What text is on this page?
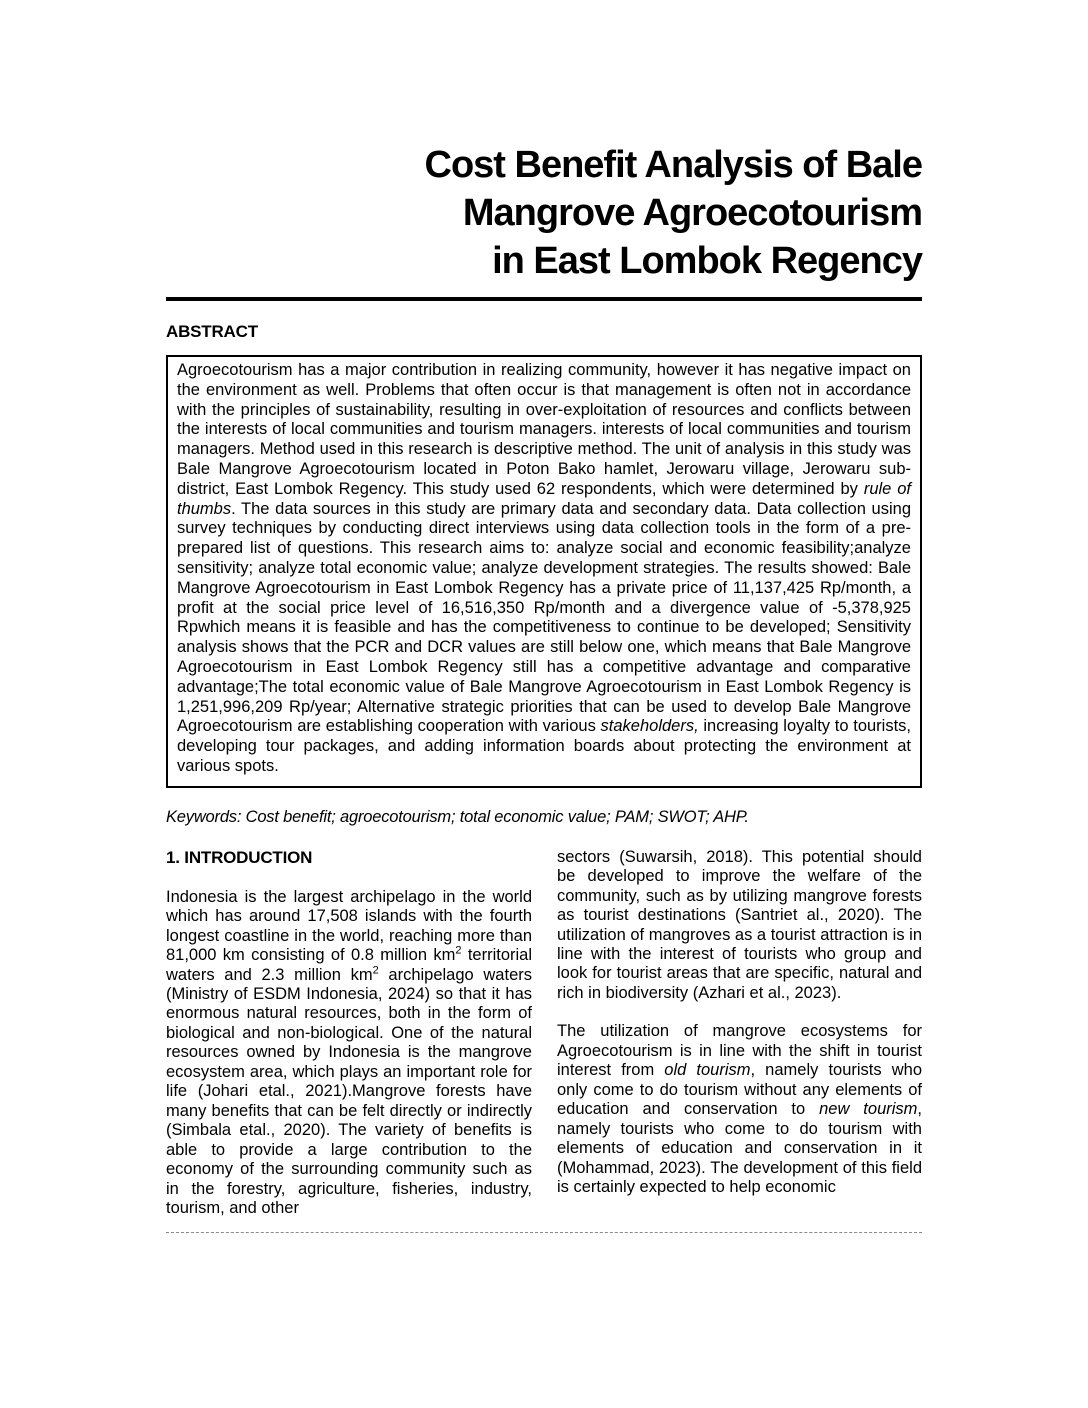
Cost Benefit Analysis of Bale
Mangrove Agroecotourism
in East Lombok Regency
ABSTRACT

Agroecotourism has a major contribution in realizing community, however it has negative impact on the environment as well. Problems that often occur is that management is often not in accordance with the principles of sustainability, resulting in over-exploitation of resources and conflicts between the interests of local communities and tourism managers. interests of local communities and tourism managers. Method used in this research is descriptive method. The unit of analysis in this study was Bale Mangrove Agroecotourism located in Poton Bako hamlet, Jerowaru village, Jerowaru sub-district, East Lombok Regency. This study used 62 respondents, which were determined by rule of thumbs. The data sources in this study are primary data and secondary data. Data collection using survey techniques by conducting direct interviews using data collection tools in the form of a pre-prepared list of questions. This research aims to: analyze social and economic feasibility;analyze sensitivity; analyze total economic value; analyze development strategies. The results showed: Bale Mangrove Agroecotourism in East Lombok Regency has a private price of 11,137,425 Rp/month, a profit at the social price level of 16,516,350 Rp/month and a divergence value of -5,378,925 Rpwhich means it is feasible and has the competitiveness to continue to be developed; Sensitivity analysis shows that the PCR and DCR values are still below one, which means that Bale Mangrove Agroecotourism in East Lombok Regency still has a competitive advantage and comparative advantage;The total economic value of Bale Mangrove Agroecotourism in East Lombok Regency is 1,251,996,209 Rp/year; Alternative strategic priorities that can be used to develop Bale Mangrove Agroecotourism are establishing cooperation with various stakeholders, increasing loyalty to tourists, developing tour packages, and adding information boards about protecting the environment at various spots.

Keywords: Cost benefit; agroecotourism; total economic value; PAM; SWOT; AHP.

1. INTRODUCTION

Indonesia is the largest archipelago in the world which has around 17,508 islands with the fourth longest coastline in the world, reaching more than 81,000 km consisting of 0.8 million $km^2$ territorial waters and 2.3 million $km^2$ archipelago waters (Ministry of ESDM Indonesia, 2024) so that it has enormous natural resources, both in the form of biological and non-biological. One of the natural resources owned by Indonesia is the mangrove ecosystem area, which plays an important role for life (Johari etal., 2021).Mangrove forests have many benefits that can be felt directly or indirectly (Simbala etal., 2020). The variety of benefits is able to provide a large contribution to the economy of the surrounding community such as in the forestry, agriculture, fisheries, industry, tourism, and other

sectors (Suwarsih, 2018). This potential should be developed to improve the welfare of the community, such as by utilizing mangrove forests as tourist destinations (Santriet al., 2020). The utilization of mangroves as a tourist attraction is in line with the interest of tourists who group and look for tourist areas that are specific, natural and rich in biodiversity (Azhari et al., 2023).

The utilization of mangrove ecosystems for Agroecotourism is in line with the shift in tourist interest from old tourism, namely tourists who only come to do tourism without any elements of education and conservation to new tourism, namely tourists who come to do tourism with elements of education and conservation in it (Mohammad, 2023). The development of this field is certainly expected to help economic
